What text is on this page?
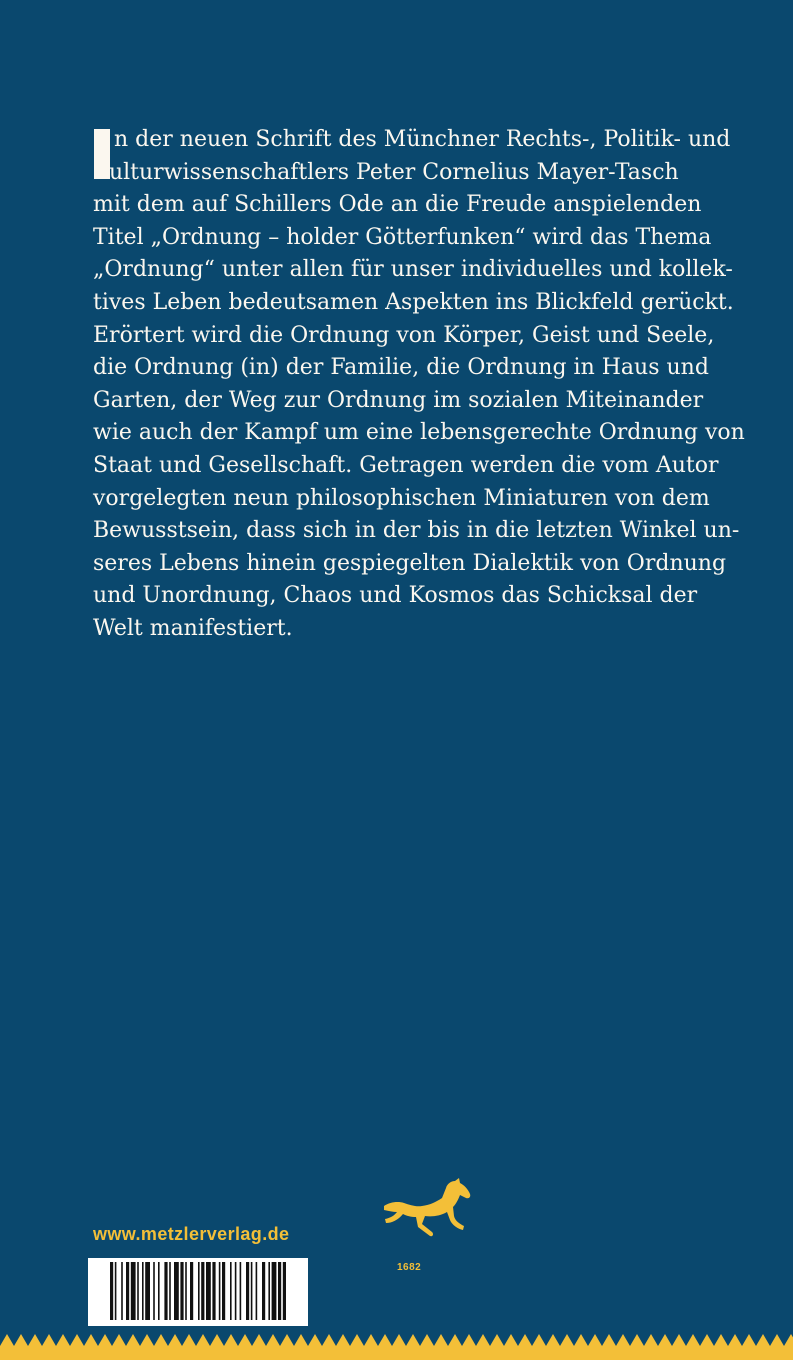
n der neuen Schrift des Münchner Rechts-, Politik- und
Kulturwissenschaftlers Peter Cornelius Mayer-Tasch
mit dem auf Schillers Ode an die Freude anspielenden
Titel „Ordnung – holder Götterfunken“ wird das Thema
„Ordnung“ unter allen für unser individuelles und kollek-
tives Leben bedeutsamen Aspekten ins Blickfeld gerückt.
Erörtert wird die Ordnung von Körper, Geist und Seele,
die Ordnung (in) der Familie, die Ordnung in Haus und
Garten, der Weg zur Ordnung im sozialen Miteinander
wie auch der Kampf um eine lebensgerechte Ordnung von
Staat und Gesellschaft. Getragen werden die vom Autor
vorgelegten neun philosophischen Miniaturen von dem
Bewusstsein, dass sich in der bis in die letzten Winkel un-
seres Lebens hinein gespiegelten Dialektik von Ordnung
und Unordnung, Chaos und Kosmos das Schicksal der
Welt manifestiert.
www.metzlerverlag.de
1682
